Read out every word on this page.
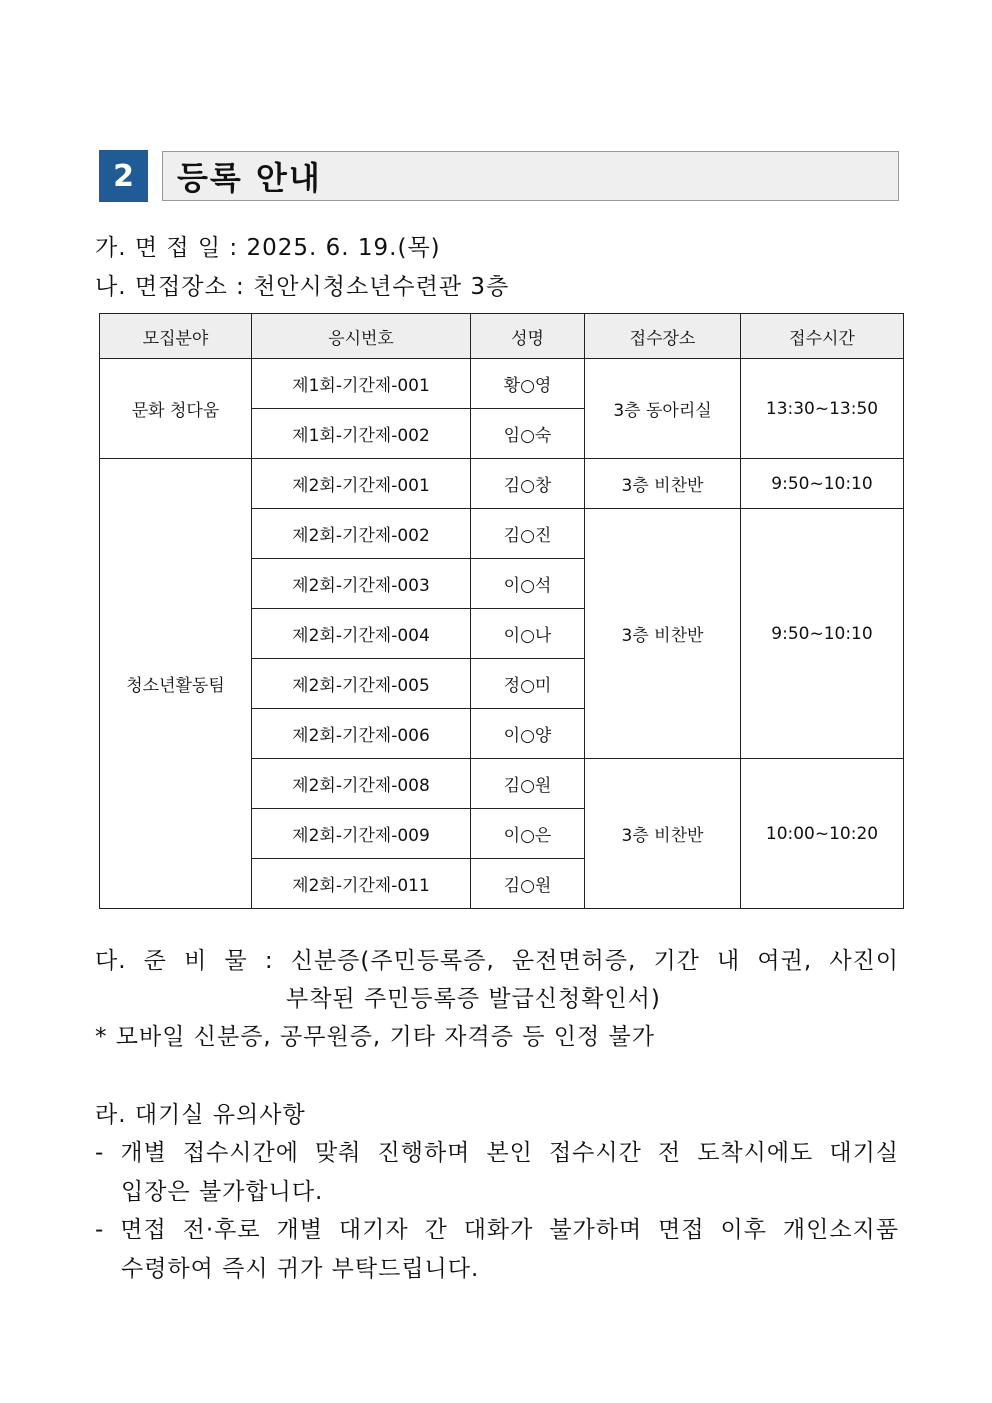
2	등록 안내
가. 면 접 일 : 2025. 6. 19.(목)
나. 면접장소 : 천안시청소년수련관 3층
모집분야	응시번호	성명	접수장소	접수시간
문화 청다움	제1회-기간제-001	황○영	3층 동아리실	13:30~13:50
	제1회-기간제-002	임○숙		
청소년활동팀	제2회-기간제-001	김○창	3층 비찬반	9:50~10:10
	제2회-기간제-002	김○진	3층 비찬반	9:50~10:10
	제2회-기간제-003	이○석		
	제2회-기간제-004	이○나		
	제2회-기간제-005	정○미		
	제2회-기간제-006	이○양		
	제2회-기간제-008	김○원	3층 비찬반	10:00~10:20
	제2회-기간제-009	이○은		
	제2회-기간제-011	김○원		
다. 준 비 물 : 신분증(주민등록증, 운전면허증, 기간 내 여권, 사진이
부착된 주민등록증 발급신청확인서)
* 모바일 신분증, 공무원증, 기타 자격증 등 인정 불가
라. 대기실 유의사항
- 개별 접수시간에 맞춰 진행하며 본인 접수시간 전 도착시에도 대기실
입장은 불가합니다.
- 면접 전·후로 개별 대기자 간 대화가 불가하며 면접 이후 개인소지품
수령하여 즉시 귀가 부탁드립니다.
